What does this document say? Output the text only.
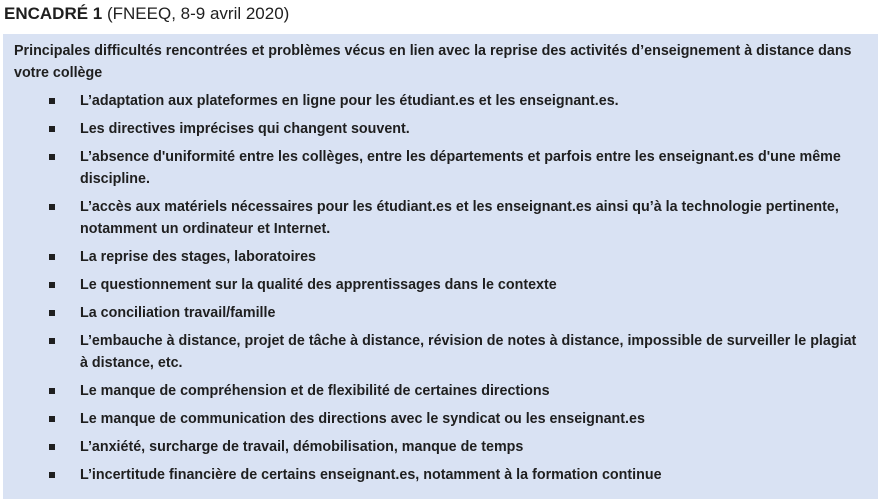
ENCADRÉ 1 (FNEEQ, 8-9 avril 2020)
Principales difficultés rencontrées et problèmes vécus en lien avec la reprise des activités d’enseignement à distance dans votre collège
L’adaptation aux plateformes en ligne pour les étudiant.es et les enseignant.es.
Les directives imprécises qui changent souvent.
L’absence d'uniformité entre les collèges, entre les départements et parfois entre les enseignant.es d'une même discipline.
L’accès aux matériels nécessaires pour les étudiant.es et les enseignant.es ainsi qu’à la technologie pertinente, notamment un ordinateur et Internet.
La reprise des stages, laboratoires
Le questionnement sur la qualité des apprentissages dans le contexte
La conciliation travail/famille
L’embauche à distance, projet de tâche à distance, révision de notes à distance, impossible de surveiller le plagiat à distance, etc.
Le manque de compréhension et de flexibilité de certaines directions
Le manque de communication des directions avec le syndicat ou les enseignant.es
L’anxiété, surcharge de travail, démobilisation, manque de temps
L’incertitude financière de certains enseignant.es, notamment à la formation continue
